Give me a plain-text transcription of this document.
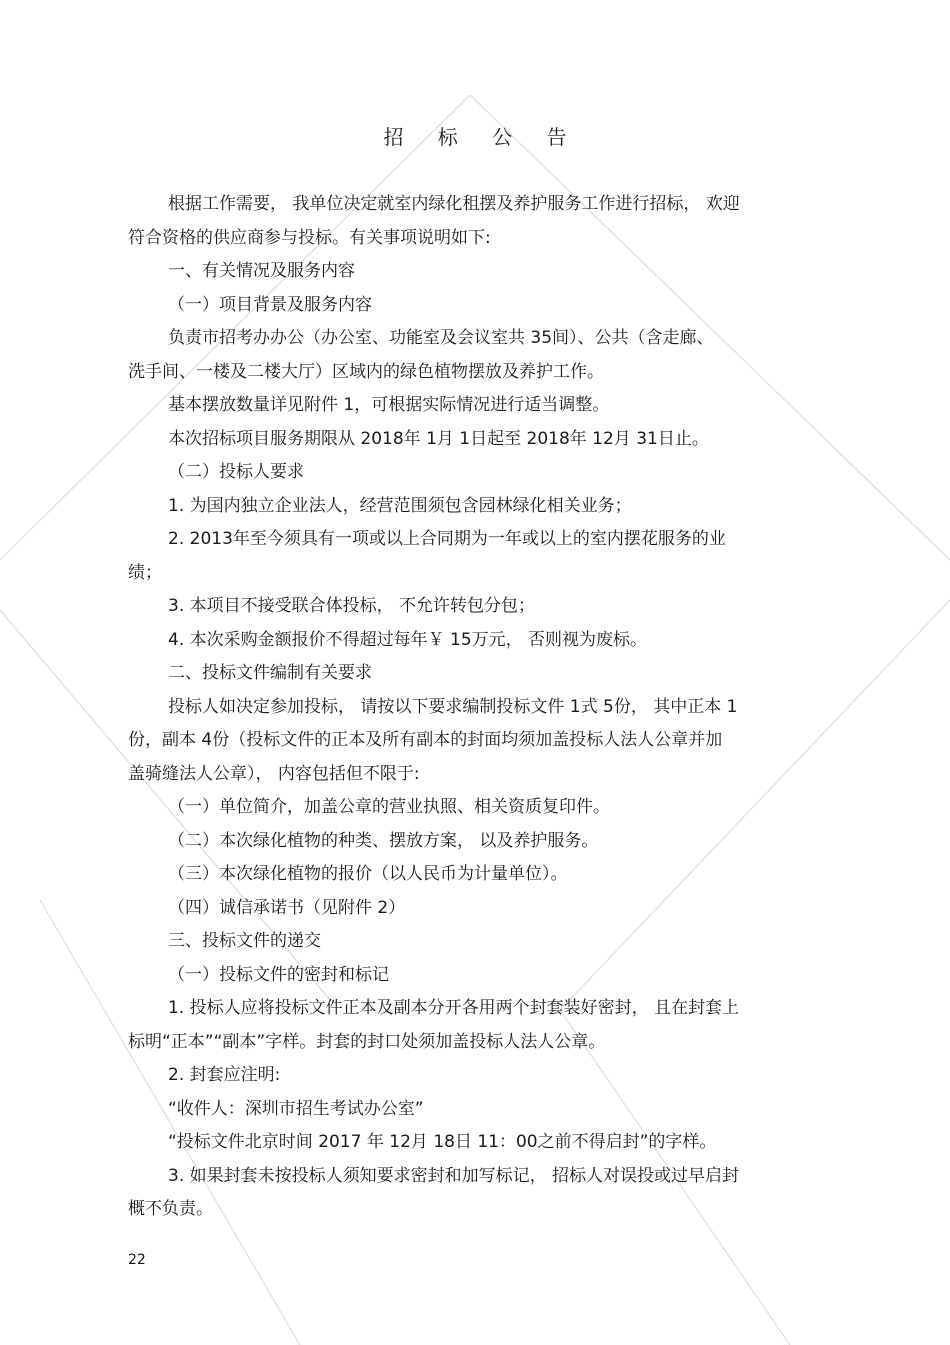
招 标 公 告

根据工作需要， 我单位决定就室内绿化租摆及养护服务工作进行招标， 欢迎

符合资格的供应商参与投标。有关事项说明如下:

一、有关情况及服务内容

（一）项目背景及服务内容

负责市招考办办公（办公室、功能室及会议室共 35间）、公共（含走廊、

洗手间、一楼及二楼大厅）区域内的绿色植物摆放及养护工作。

基本摆放数量详见附件 1，可根据实际情况进行适当调整。

本次招标项目服务期限从 2018年 1月 1日起至 2018年 12月 31日止。

（二）投标人要求

1. 为国内独立企业法人，经营范围须包含园林绿化相关业务；

2. 2013年至今须具有一项或以上合同期为一年或以上的室内摆花服务的业

绩；

3. 本项目不接受联合体投标， 不允许转包分包；

4. 本次采购金额报价不得超过每年￥ 15万元， 否则视为废标。

二、投标文件编制有关要求

投标人如决定参加投标， 请按以下要求编制投标文件 1式 5份， 其中正本 1

份，副本 4份（投标文件的正本及所有副本的封面均须加盖投标人法人公章并加

盖骑缝法人公章）， 内容包括但不限于:

（一）单位简介，加盖公章的营业执照、相关资质复印件。

（二）本次绿化植物的种类、摆放方案， 以及养护服务。

（三）本次绿化植物的报价（以人民币为计量单位）。

（四）诚信承诺书（见附件 2）

三、投标文件的递交

（一）投标文件的密封和标记

1. 投标人应将投标文件正本及副本分开各用两个封套装好密封， 且在封套上

标明“正本”“副本”字样。封套的封口处须加盖投标人法人公章。

2. 封套应注明:

“收件人：深圳市招生考试办公室”

“投标文件北京时间 2017 年 12月 18日 11：00之前不得启封”的字样。

3. 如果封套未按投标人须知要求密封和加写标记， 招标人对误投或过早启封

概不负责。

22
